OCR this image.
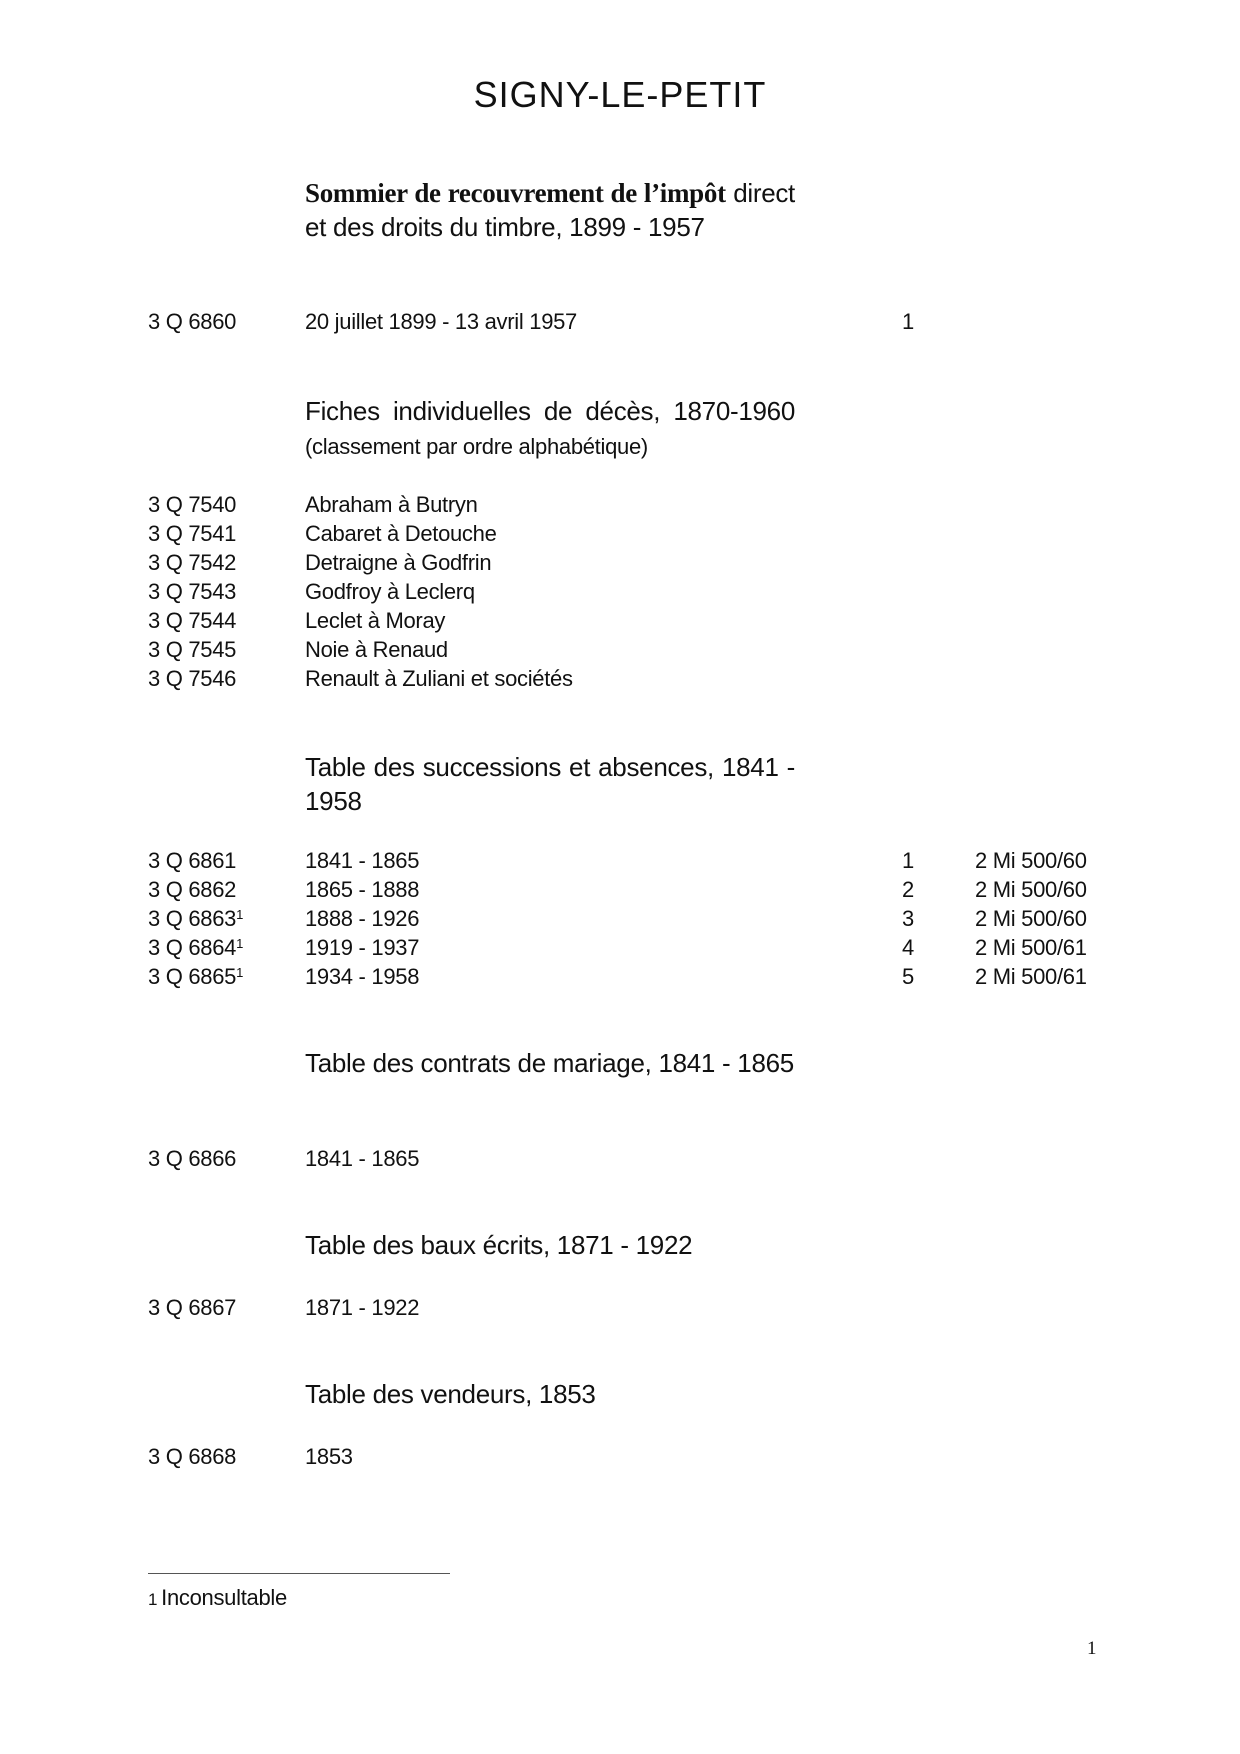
SIGNY-LE-PETIT
Sommier de recouvrement de l’impôt direct et des droits du timbre, 1899 - 1957
3 Q 6860	20 juillet 1899 - 13 avril 1957	1
Fiches individuelles de décès, 1870-1960 (classement par ordre alphabétique)
3 Q 7540	Abraham à Butryn
3 Q 7541	Cabaret à Detouche
3 Q 7542	Detraigne à Godfrin
3 Q 7543	Godfroy à Leclerq
3 Q 7544	Leclet à Moray
3 Q 7545	Noie à Renaud
3 Q 7546	Renault à Zuliani et sociétés
Table des successions et absences, 1841 - 1958
3 Q 6861	1841 - 1865	1	2 Mi 500/60
3 Q 6862	1865 - 1888	2	2 Mi 500/60
3 Q 6863$^1$	1888 - 1926	3	2 Mi 500/60
3 Q 6864$^1$	1919 - 1937	4	2 Mi 500/61
3 Q 6865$^1$	1934 - 1958	5	2 Mi 500/61
Table des contrats de mariage, 1841 - 1865
3 Q 6866	1841 - 1865
Table des baux écrits, 1871 - 1922
3 Q 6867	1871 - 1922
Table des vendeurs, 1853
3 Q 6868	1853
1 Inconsultable
1
